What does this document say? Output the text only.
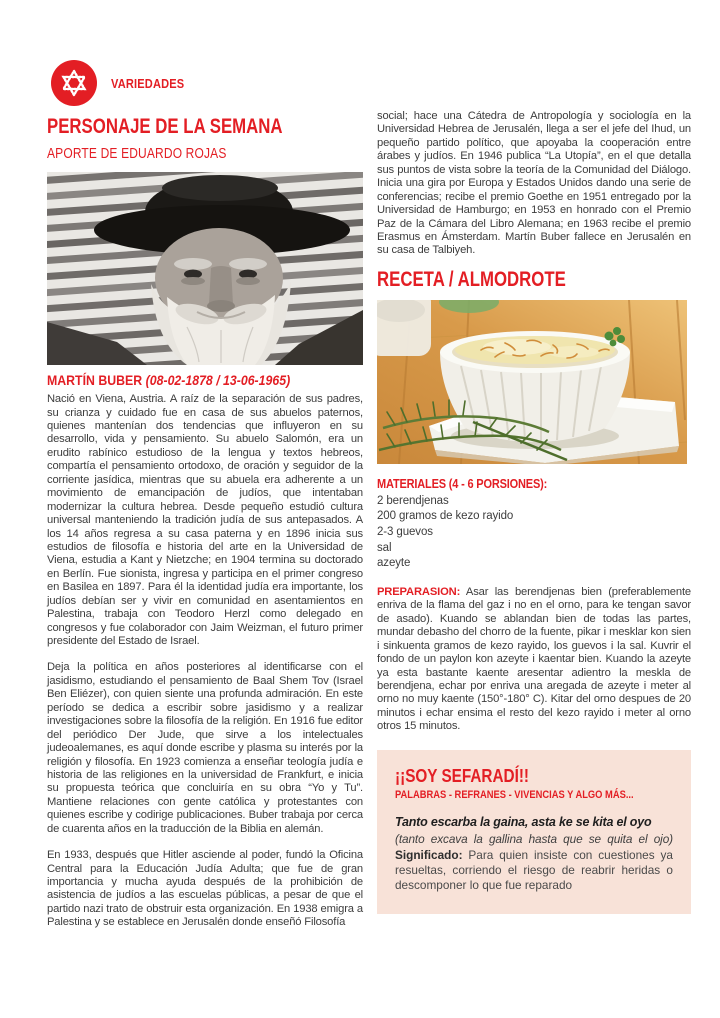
VARIEDADES
PERSONAJE DE LA SEMANA
APORTE DE EDUARDO ROJAS
MARTÍN BUBER (08-02-1878 / 13-06-1965)

Nació en Viena, Austria. A raíz de la separación de sus padres, su crianza y cuidado fue en casa de sus abuelos paternos, quienes mantenían dos tendencias que influyeron en su desarrollo, vida y pensamiento. Su abuelo Salomón, era un erudito rabínico estudioso de la lengua y textos hebreos, compartía el pensamiento ortodoxo, de oración y seguidor de la corriente jasídica, mientras que su abuela era adherente a un movimiento de emancipación de judíos, que intentaban modernizar la cultura hebrea. Desde pequeño estudió cultura universal manteniendo la tradición judía de sus antepasados. A los 14 años regresa a su casa paterna y en 1896 inicia sus estudios de filosofía e historia del arte en la Universidad de Viena, estudia a Kant y Nietzche; en 1904 termina su doctorado en Berlín. Fue sionista, ingresa y participa en el primer congreso en Basilea en 1897. Para él la identidad judía era importante, los judíos debían ser y vivir en comunidad en asentamientos en Palestina, trabaja con Teodoro Herzl como delegado en congresos y fue colaborador con Jaim Weizman, el futuro primer presidente del Estado de Israel.

Deja la política en años posteriores al identificarse con el jasidismo, estudiando el pensamiento de Baal Shem Tov (Israel Ben Eliézer), con quien siente una profunda admiración. En este período se dedica a escribir sobre jasidismo y a realizar investigaciones sobre la filosofía de la religión. En 1916 fue editor del periódico Der Jude, que sirve a los intelectuales judeoalemanes, es aquí donde escribe y plasma su interés por la religión y filosofía. En 1923 comienza a enseñar teología judía e historia de las religiones en la universidad de Frankfurt, e inicia su propuesta teórica que concluiría en su obra “Yo y Tu”. Mantiene relaciones con gente católica y protestantes con quienes escribe y codirige publicaciones. Buber trabaja por cerca de cuarenta años en la traducción de la Biblia en alemán.

En 1933, después que Hitler asciende al poder, fundó la Oficina Central para la Educación Judía Adulta; que fue de gran importancia y mucha ayuda después de la prohibición de asistencia de judíos a las escuelas públicas, a pesar de que el partido nazi trato de obstruir esta organización. En 1938 emigra a Palestina y se establece en Jerusalén donde enseñó Filosofía

social; hace una Cátedra de Antropología y sociología en la Universidad Hebrea de Jerusalén, llega a ser el jefe del Ihud, un pequeño partido político, que apoyaba la cooperación entre árabes y judíos. En 1946 publica “La Utopía”, en el que detalla sus puntos de vista sobre la teoría de la Comunidad del Diálogo. Inicia una gira por Europa y Estados Unidos dando una serie de conferencias; recibe el premio Goethe en 1951 entregado por la Universidad de Hamburgo; en 1953 en honrado con el Premio Paz de la Cámara del Libro Alemana; en 1963 recibe el premio Erasmus en Ámsterdam. Martín Buber fallece en Jerusalén en su casa de Talbiyeh.

RECETA / ALMODROTE
MATERIALES (4 - 6 PORSIONES):
2 berendjenas
200 gramos de kezo rayido
2-3 guevos
sal
azeyte

PREPARASION: Asar las berendjenas bien (preferablemente enriva de la flama del gaz i no en el orno, para ke tengan savor de asado). Kuando se ablandan bien de todas las partes, mundar debasho del chorro de la fuente, pikar i mesklar kon sien i sinkuenta gramos de kezo rayido, los guevos i la sal. Kuvrir el fondo de un paylon kon azeyte i kaentar bien. Kuando la azeyte ya esta bastante kaente aresentar adientro la meskla de berendjena, echar por enriva una aregada de azeyte i meter al orno no muy kaente (150°-180° C). Kitar del orno despues de 20 minutos i echar ensima el resto del kezo rayido i meter al orno otros 15 minutos.

¡¡SOY SEFARADÍ!!
PALABRAS - REFRANES - VIVENCIAS Y ALGO MÁS...
Tanto escarba la gaina, asta ke se kita el oyo
(tanto excava la gallina hasta que se quita el ojo)
Significado: Para quien insiste con cuestiones ya resueltas, corriendo el riesgo de reabrir heridas o descomponer lo que fue reparado
